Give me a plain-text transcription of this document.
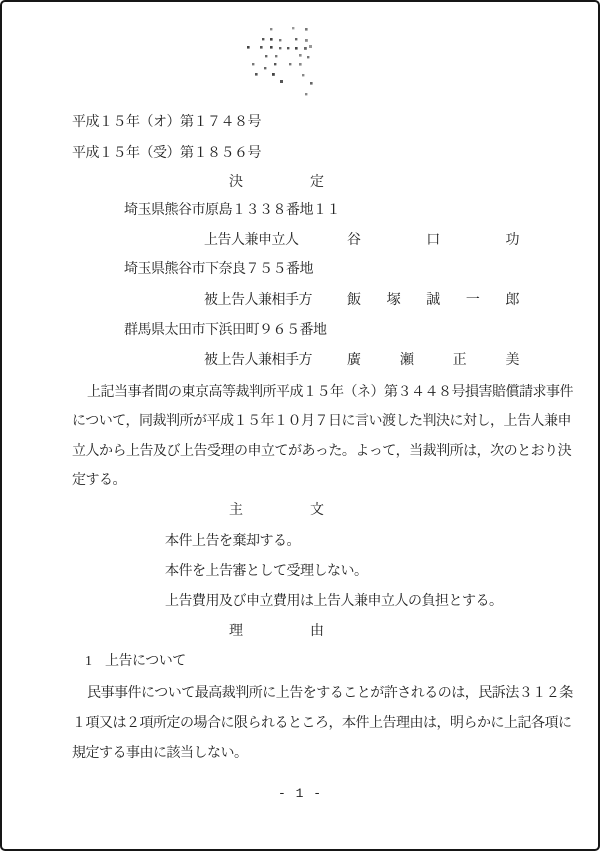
平成１５年（オ）第１７４８号
平成１５年（受）第１８５６号
決　　　　　定
埼玉県熊谷市原島１３３８番地１１

上告人兼申立人

	谷	口	功

埼玉県熊谷市下奈良７５５番地

被上告人兼相手方

	飯 塚 誠 一 郎

群馬県太田市下浜田町９６５番地

被上告人兼相手方

	廣	瀬	正	美

上記当事者間の東京高等裁判所平成１５年（ネ）第３４４８号損害賠償請求事件
について，同裁判所が平成１５年１０月７日に言い渡した判決に対し，上告人兼申
立人から上告及び上告受理の申立てがあった。よって，当裁判所は，次のとおり決
定する。
主　　　　　文
本件上告を棄却する。
本件を上告審として受理しない。
上告費用及び申立費用は上告人兼申立人の負担とする。
理　　　　　由
1　上告について
民事事件について最高裁判所に上告をすることが許されるのは，民訴法３１２条
１項又は２項所定の場合に限られるところ，本件上告理由は，明らかに上記各項に
規定する事由に該当しない。
- 1 -
